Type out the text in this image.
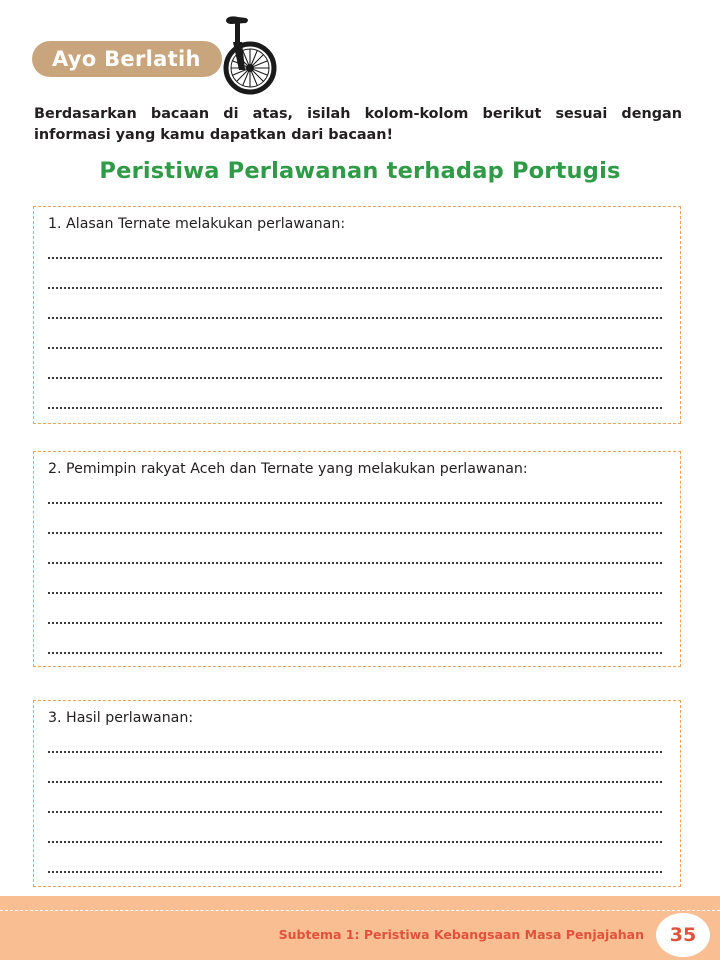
Ayo Berlatih

Berdasarkan bacaan di atas, isilah kolom-kolom berikut sesuai dengan informasi yang kamu dapatkan dari bacaan!

Peristiwa Perlawanan terhadap Portugis
1. Alasan Ternate melakukan perlawanan:
2. Pemimpin rakyat Aceh dan Ternate yang melakukan perlawanan:
3. Hasil perlawanan:
Subtema 1: Peristiwa Kebangsaan Masa Penjajahan	35
